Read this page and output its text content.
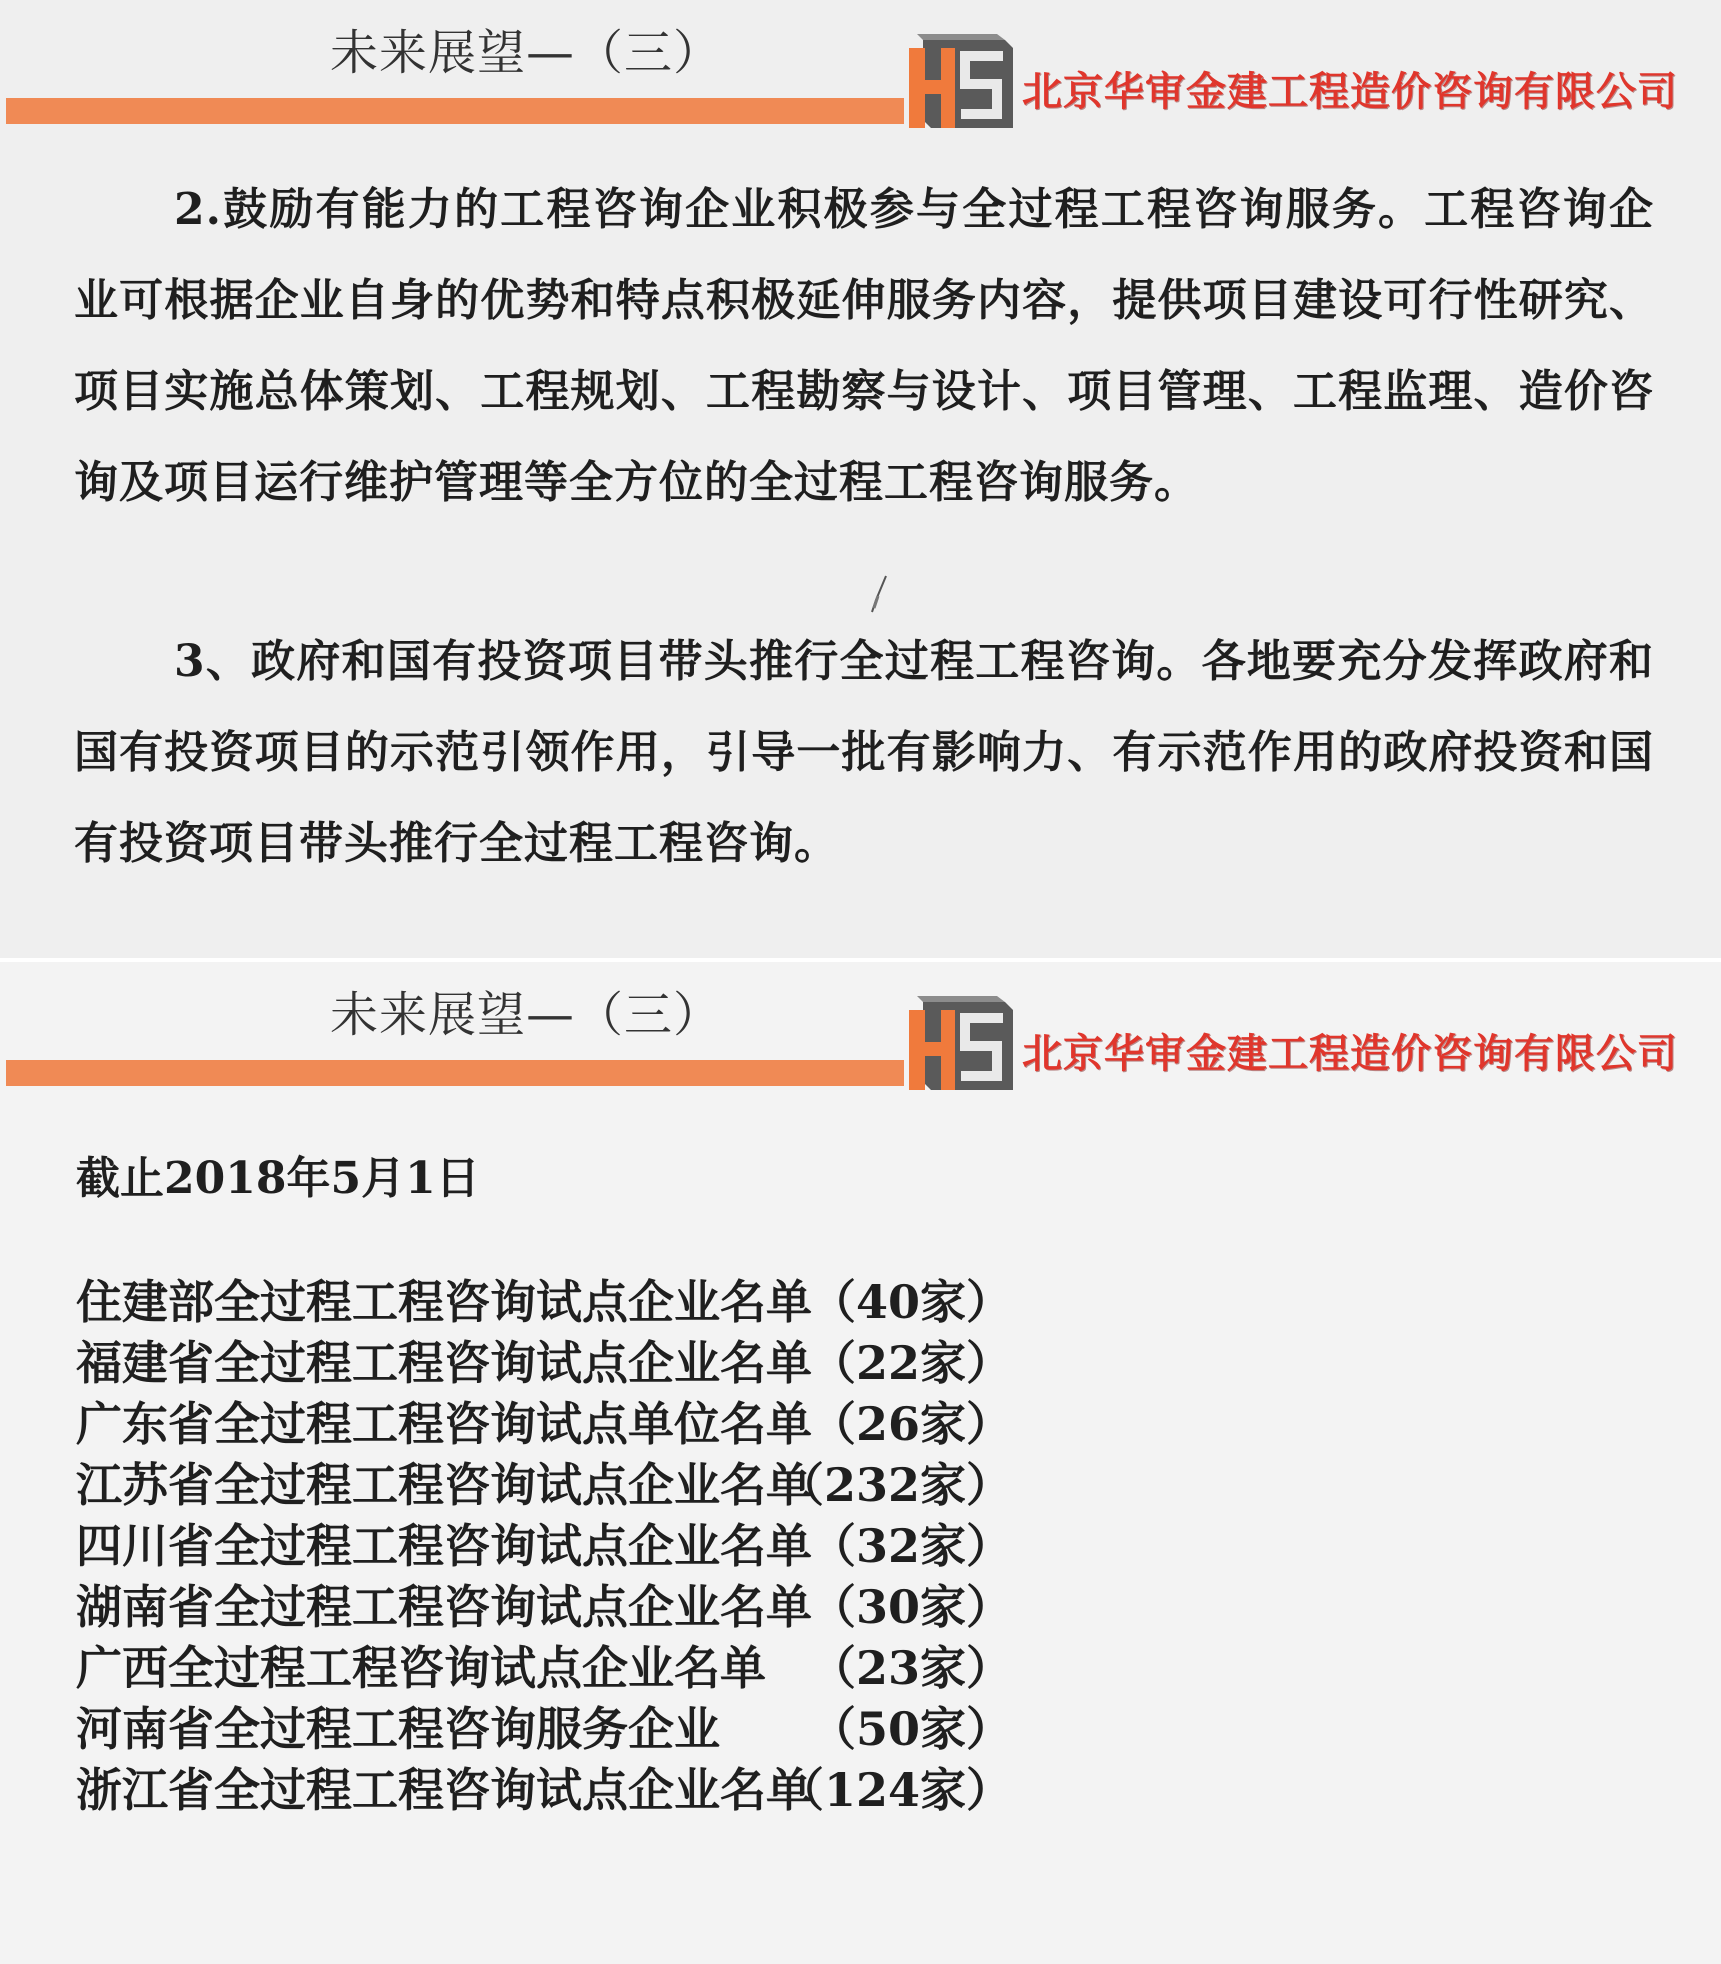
未来展望—（三）	HS
北京华审金建工程造价咨询有限公司

2.鼓励有能力的工程咨询企业积极参与全过程工程咨询服务。工程咨询企业可根据企业自身的优势和特点积极延伸服务内容，提供项目建设可行性研究、项目实施总体策划、工程规划、工程勘察与设计、项目管理、工程监理、造价咨询及项目运行维护管理等全方位的全过程工程咨询服务。

3、政府和国有投资项目带头推行全过程工程咨询。各地要充分发挥政府和国有投资项目的示范引领作用，引导一批有影响力、有示范作用的政府投资和国有投资项目带头推行全过程工程咨询。

未来展望—（三）	HS
北京华审金建工程造价咨询有限公司
截止2018年5月1日
住建部全过程工程咨询试点企业名单
（40家）
福建省全过程工程咨询试点企业名单
（22家）
广东省全过程工程咨询试点单位名单
（26家）
江苏省全过程工程咨询试点企业名单
（232家）
四川省全过程工程咨询试点企业名单
（32家）
湖南省全过程工程咨询试点企业名单
（30家）
广西全过程工程咨询试点企业名单 （23家）
河南省全过程工程咨询服务企业 （50家）
浙江省全过程工程咨询试点企业名单
（124家）
